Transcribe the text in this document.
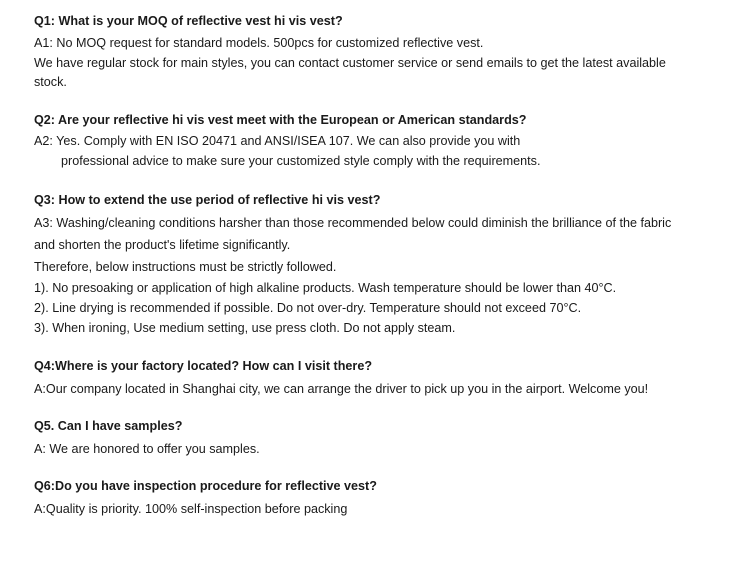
Q1: What is your MOQ of reflective vest hi vis vest?
A1: No MOQ request for standard models. 500pcs for customized reflective vest.
We have regular stock for main styles, you can contact customer service or send emails to get the latest available
stock.
Q2: Are your reflective hi vis vest meet with the European or American standards?
A2: Yes. Comply with EN ISO 20471 and ANSI/ISEA 107. We can also provide you with
professional advice to make sure your customized style comply with the requirements.
Q3: How to extend the use period of reflective hi vis vest?
A3: Washing/cleaning conditions harsher than those recommended below could diminish the brilliance of the fabric
and shorten the product's lifetime significantly.
Therefore, below instructions must be strictly followed.
1). No presoaking or application of high alkaline products. Wash temperature should be lower than 40°C.
2). Line drying is recommended if possible. Do not over-dry. Temperature should not exceed 70°C.
3). When ironing, Use medium setting, use press cloth. Do not apply steam.
Q4:Where is your factory located? How can I visit there?
A:Our company located in Shanghai city, we can arrange the driver to pick up you in the airport. Welcome you!
Q5. Can I have samples?
A: We are honored to offer you samples.
Q6:Do you have inspection procedure for reflective vest?
A:Quality is priority. 100% self-inspection before packing
